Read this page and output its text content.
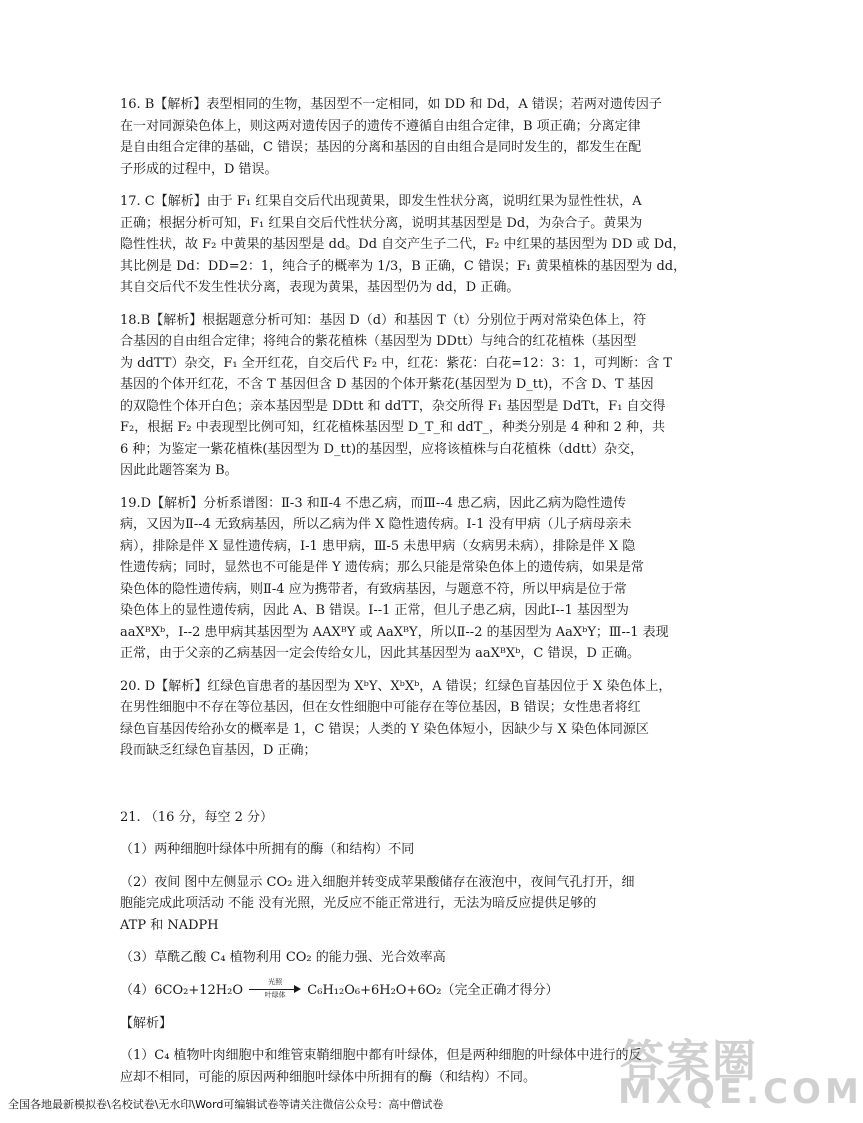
16. B【解析】表型相同的生物，基因型不一定相同，如 DD 和 Dd，A 错误；若两对遗传因子
在一对同源染色体上，则这两对遗传因子的遗传不遵循自由组合定律，B 项正确；分离定律
是自由组合定律的基础，C 错误；基因的分离和基因的自由组合是同时发生的，都发生在配
子形成的过程中，D 错误。
17. C【解析】由于 F₁ 红果自交后代出现黄果，即发生性状分离，说明红果为显性性状，A
正确；根据分析可知，F₁ 红果自交后代性状分离，说明其基因型是 Dd，为杂合子。黄果为
隐性性状，故 F₂ 中黄果的基因型是 dd。Dd 自交产生子二代，F₂ 中红果的基因型为 DD 或 Dd，
其比例是 Dd：DD=2：1，纯合子的概率为 1/3，B 正确，C 错误；F₁ 黄果植株的基因型为 dd，
其自交后代不发生性状分离，表现为黄果，基因型仍为 dd，D 正确。
18.B【解析】根据题意分析可知：基因 D（d）和基因 T（t）分别位于两对常染色体上，符
合基因的自由组合定律；将纯合的紫花植株（基因型为 DDtt）与纯合的红花植株（基因型
为 ddTT）杂交，F₁ 全开红花，自交后代 F₂ 中，红花：紫花：白花=12：3：1，可判断：含 T
基因的个体开红花，不含 T 基因但含 D 基因的个体开紫花(基因型为 D_tt)，不含 D、T 基因
的双隐性个体开白色；亲本基因型是 DDtt 和 ddTT，杂交所得 F₁ 基因型是 DdTt，F₁ 自交得
F₂，根据 F₂ 中表现型比例可知，红花植株基因型 D_T_和 ddT_，种类分别是 4 种和 2 种，共
6 种；为鉴定一紫花植株(基因型为 D_tt)的基因型，应将该植株与白花植株（ddtt）杂交，
因此此题答案为 B。
19.D【解析】分析系谱图：Ⅱ-3 和Ⅱ-4 不患乙病，而Ⅲ--4 患乙病，因此乙病为隐性遗传
病，又因为Ⅱ--4 无致病基因，所以乙病为伴 X 隐性遗传病。Ⅰ-1 没有甲病（儿子病母亲未
病），排除是伴 X 显性遗传病，Ⅰ-1 患甲病，Ⅲ-5 未患甲病（女病男未病），排除是伴 X 隐
性遗传病；同时，显然也不可能是伴 Y 遗传病；那么只能是常染色体上的遗传病，如果是常
染色体的隐性遗传病，则Ⅱ-4 应为携带者，有致病基因，与题意不符，所以甲病是位于常
染色体上的显性遗传病，因此 A、B 错误。Ⅰ--1 正常，但儿子患乙病，因此Ⅰ--1 基因型为
aaXᴮXᵇ，Ⅰ--2 患甲病其基因型为 AAXᴮY 或 AaXᴮY，所以Ⅱ--2 的基因型为 AaXᵇY；Ⅲ--1 表现
正常，由于父亲的乙病基因一定会传给女儿，因此其基因型为 aaXᴮXᵇ，C 错误，D 正确。
20. D【解析】红绿色盲患者的基因型为 XᵇY、XᵇXᵇ，A 错误；红绿色盲基因位于 X 染色体上，
在男性细胞中不存在等位基因，但在女性细胞中可能存在等位基因，B 错误；女性患者将红
绿色盲基因传给孙女的概率是 1，C 错误；人类的 Y 染色体短小，因缺少与 X 染色体同源区
段而缺乏红绿色盲基因，D 正确；
21. （16 分，每空 2 分）
（1）两种细胞叶绿体中所拥有的酶（和结构）不同
（2）夜间 图中左侧显示 CO₂ 进入细胞并转变成苹果酸储存在液泡中，夜间气孔打开，细
胞能完成此项活动 不能 没有光照，光反应不能正常进行，无法为暗反应提供足够的
ATP 和 NADPH
（3）草酰乙酸 C₄ 植物利用 CO₂ 的能力强、光合效率高
（4）6CO₂+12H₂O
光照
叶绿体	C₆H₁₂O₆+6H₂O+6O₂（完全正确才得分）
【解析】
（1）C₄ 植物叶肉细胞中和维管束鞘细胞中都有叶绿体，但是两种细胞的叶绿体中进行的反
应却不相同，可能的原因两种细胞叶绿体中所拥有的酶（和结构）不同。	答案圈
MXQE.COM
全国各地最新模拟卷\名校试卷\无水印\Word可编辑试卷等请关注微信公众号：高中僧试卷
